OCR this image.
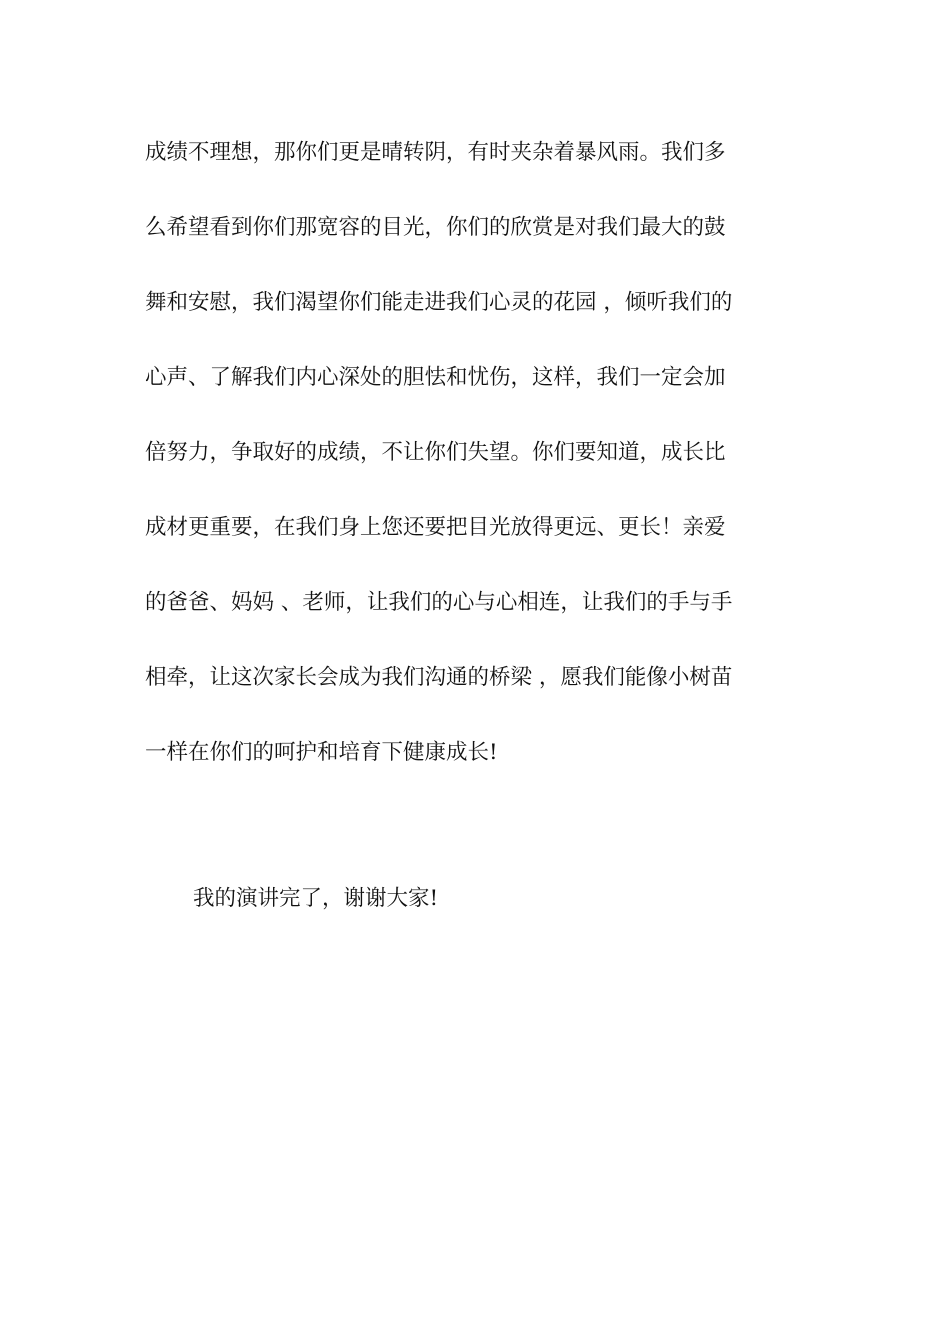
成绩不理想，那你们更是晴转阴，有时夹杂着暴风雨。我们多
么希望看到你们那宽容的目光，你们的欣赏是对我们最大的鼓
舞和安慰，我们渴望你们能走进我们心灵的花园 ，倾听我们的
心声、了解我们内心深处的胆怯和忧伤，这样，我们一定会加
倍努力，争取好的成绩，不让你们失望。你们要知道，成长比
成材更重要，在我们身上您还要把目光放得更远、更长！亲爱
的爸爸、妈妈 、老师，让我们的心与心相连，让我们的手与手
相牵，让这次家长会成为我们沟通的桥梁 ，愿我们能像小树苗
一样在你们的呵护和培育下健康成长!

我的演讲完了，谢谢大家!
